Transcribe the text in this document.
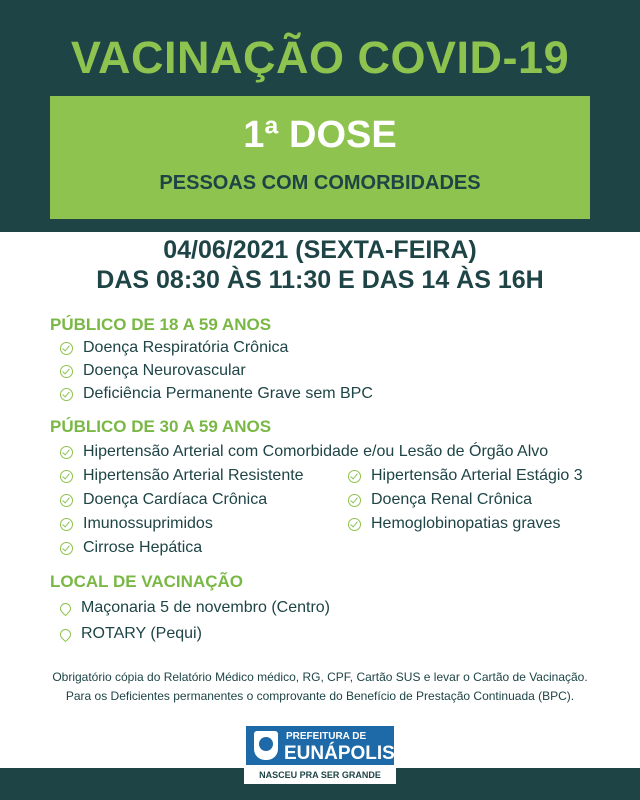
VACINAÇÃO COVID-19
1ª DOSE
PESSOAS COM COMORBIDADES
04/06/2021 (SEXTA-FEIRA)
DAS 08:30 ÀS 11:30 E DAS 14 ÀS 16H
PÚBLICO DE 18 A 59 ANOS
Doença Respiratória Crônica
Doença Neurovascular
Deficiência Permanente Grave sem BPC
PÚBLICO DE 30 A 59 ANOS
Hipertensão Arterial com Comorbidade e/ou Lesão de Órgão Alvo
Hipertensão Arterial Resistente	Hipertensão Arterial Estágio 3
Doença Cardíaca Crônica	Doença Renal Crônica
Imunossuprimidos	Hemoglobinopatias graves
Cirrose Hepática
LOCAL DE VACINAÇÃO
Maçonaria 5 de novembro (Centro)
ROTARY (Pequi)
Obrigatório cópia do Relatório Médico médico, RG, CPF, Cartão SUS e levar o Cartão de Vacinação.
Para os Deficientes permanentes o comprovante do Benefício de Prestação Continuada (BPC).
PREFEITURA DE
EUNÁPOLIS
NASCEU PRA SER GRANDE
